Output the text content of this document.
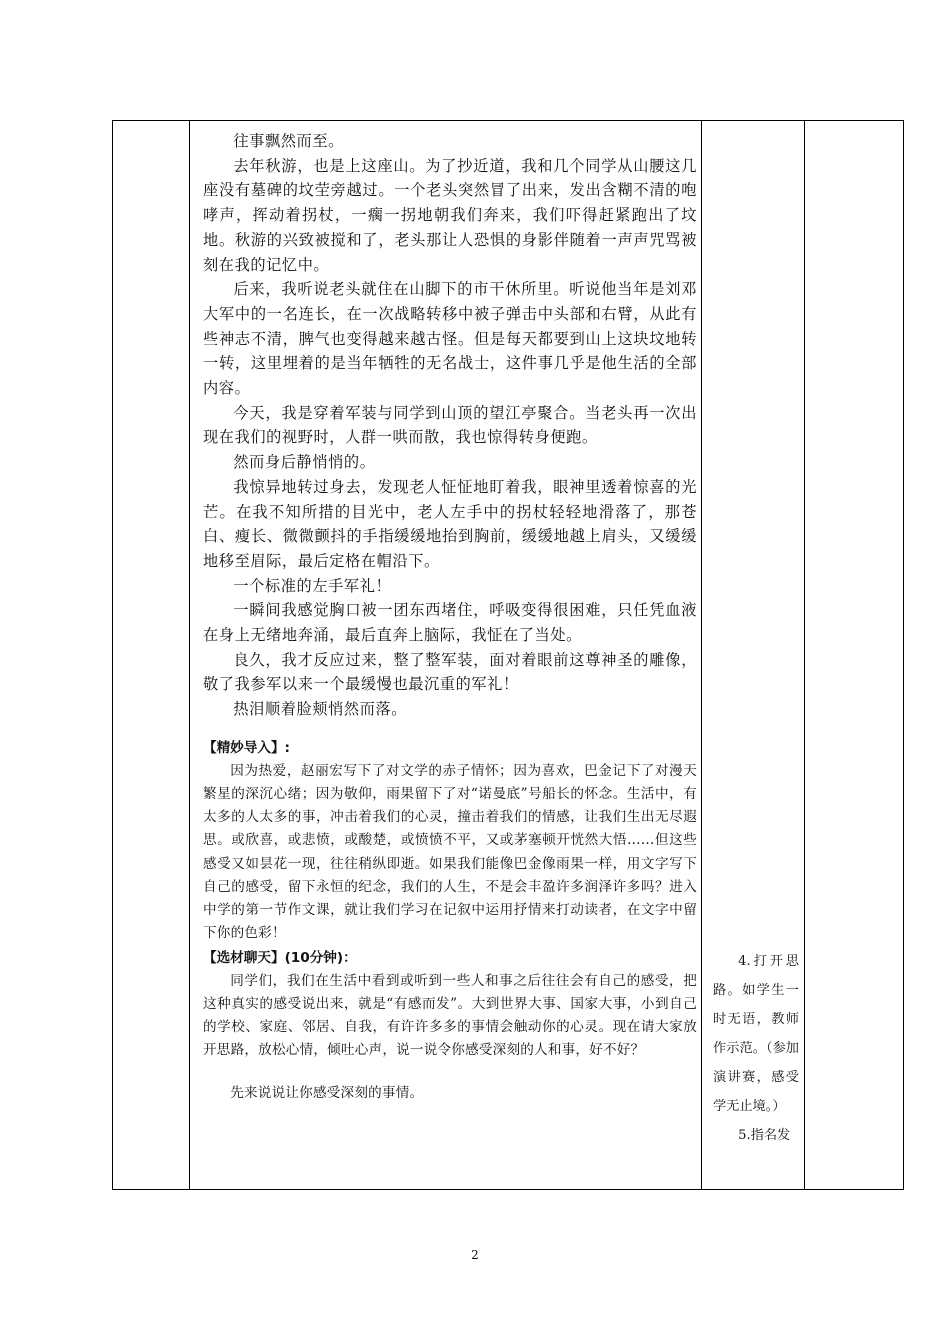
往事飘然而至。

去年秋游，也是上这座山。为了抄近道，我和几个同学从山腰这几座没有墓碑的坟茔旁越过。一个老头突然冒了出来，发出含糊不清的咆哮声，挥动着拐杖，一瘸一拐地朝我们奔来，我们吓得赶紧跑出了坟地。秋游的兴致被搅和了，老头那让人恐惧的身影伴随着一声声咒骂被刻在我的记忆中。

后来，我听说老头就住在山脚下的市干休所里。听说他当年是刘邓大军中的一名连长，在一次战略转移中被子弹击中头部和右臂，从此有些神志不清，脾气也变得越来越古怪。但是每天都要到山上这块坟地转一转，这里埋着的是当年牺牲的无名战士，这件事几乎是他生活的全部内容。

今天，我是穿着军装与同学到山顶的望江亭聚合。当老头再一次出现在我们的视野时，人群一哄而散，我也惊得转身便跑。

然而身后静悄悄的。

我惊异地转过身去，发现老人怔怔地盯着我，眼神里透着惊喜的光芒。在我不知所措的目光中，老人左手中的拐杖轻轻地滑落了，那苍白、瘦长、微微颤抖的手指缓缓地抬到胸前，缓缓地越上肩头，又缓缓地移至眉际，最后定格在帽沿下。

一个标准的左手军礼！

一瞬间我感觉胸口被一团东西堵住，呼吸变得很困难，只任凭血液在身上无绪地奔涌，最后直奔上脑际，我怔在了当处。

良久，我才反应过来，整了整军装，面对着眼前这尊神圣的雕像，敬了我参军以来一个最缓慢也最沉重的军礼！

热泪顺着脸颊悄然而落。

【精妙导入】:

因为热爱，赵丽宏写下了对文学的赤子情怀；因为喜欢，巴金记下了对漫天繁星的深沉心绪；因为敬仰，雨果留下了对“诺曼底”号船长的怀念。生活中，有太多的人太多的事，冲击着我们的心灵，撞击着我们的情感，让我们生出无尽遐思。或欣喜，或悲愤，或酸楚，或愤愤不平，又或茅塞顿开恍然大悟……但这些感受又如昙花一现，往往稍纵即逝。如果我们能像巴金像雨果一样，用文字写下自己的感受，留下永恒的纪念，我们的人生，不是会丰盈许多润泽许多吗？进入中学的第一节作文课，就让我们学习在记叙中运用抒情来打动读者，在文字中留下你的色彩！

【选材聊天】(10分钟)：

同学们，我们在生活中看到或听到一些人和事之后往往会有自己的感受，把这种真实的感受说出来，就是“有感而发”。大到世界大事、国家大事，小到自己的学校、家庭、邻居、自我，有许许多多的事情会触动你的心灵。现在请大家放开思路，放松心情，倾吐心声，说一说令你感受深刻的人和事，好不好？

先来说说让你感受深刻的事情。

4.打开思路。如学生一时无语，教师作示范。（参加演讲赛，感受学无止境。）

5.指名发

2
